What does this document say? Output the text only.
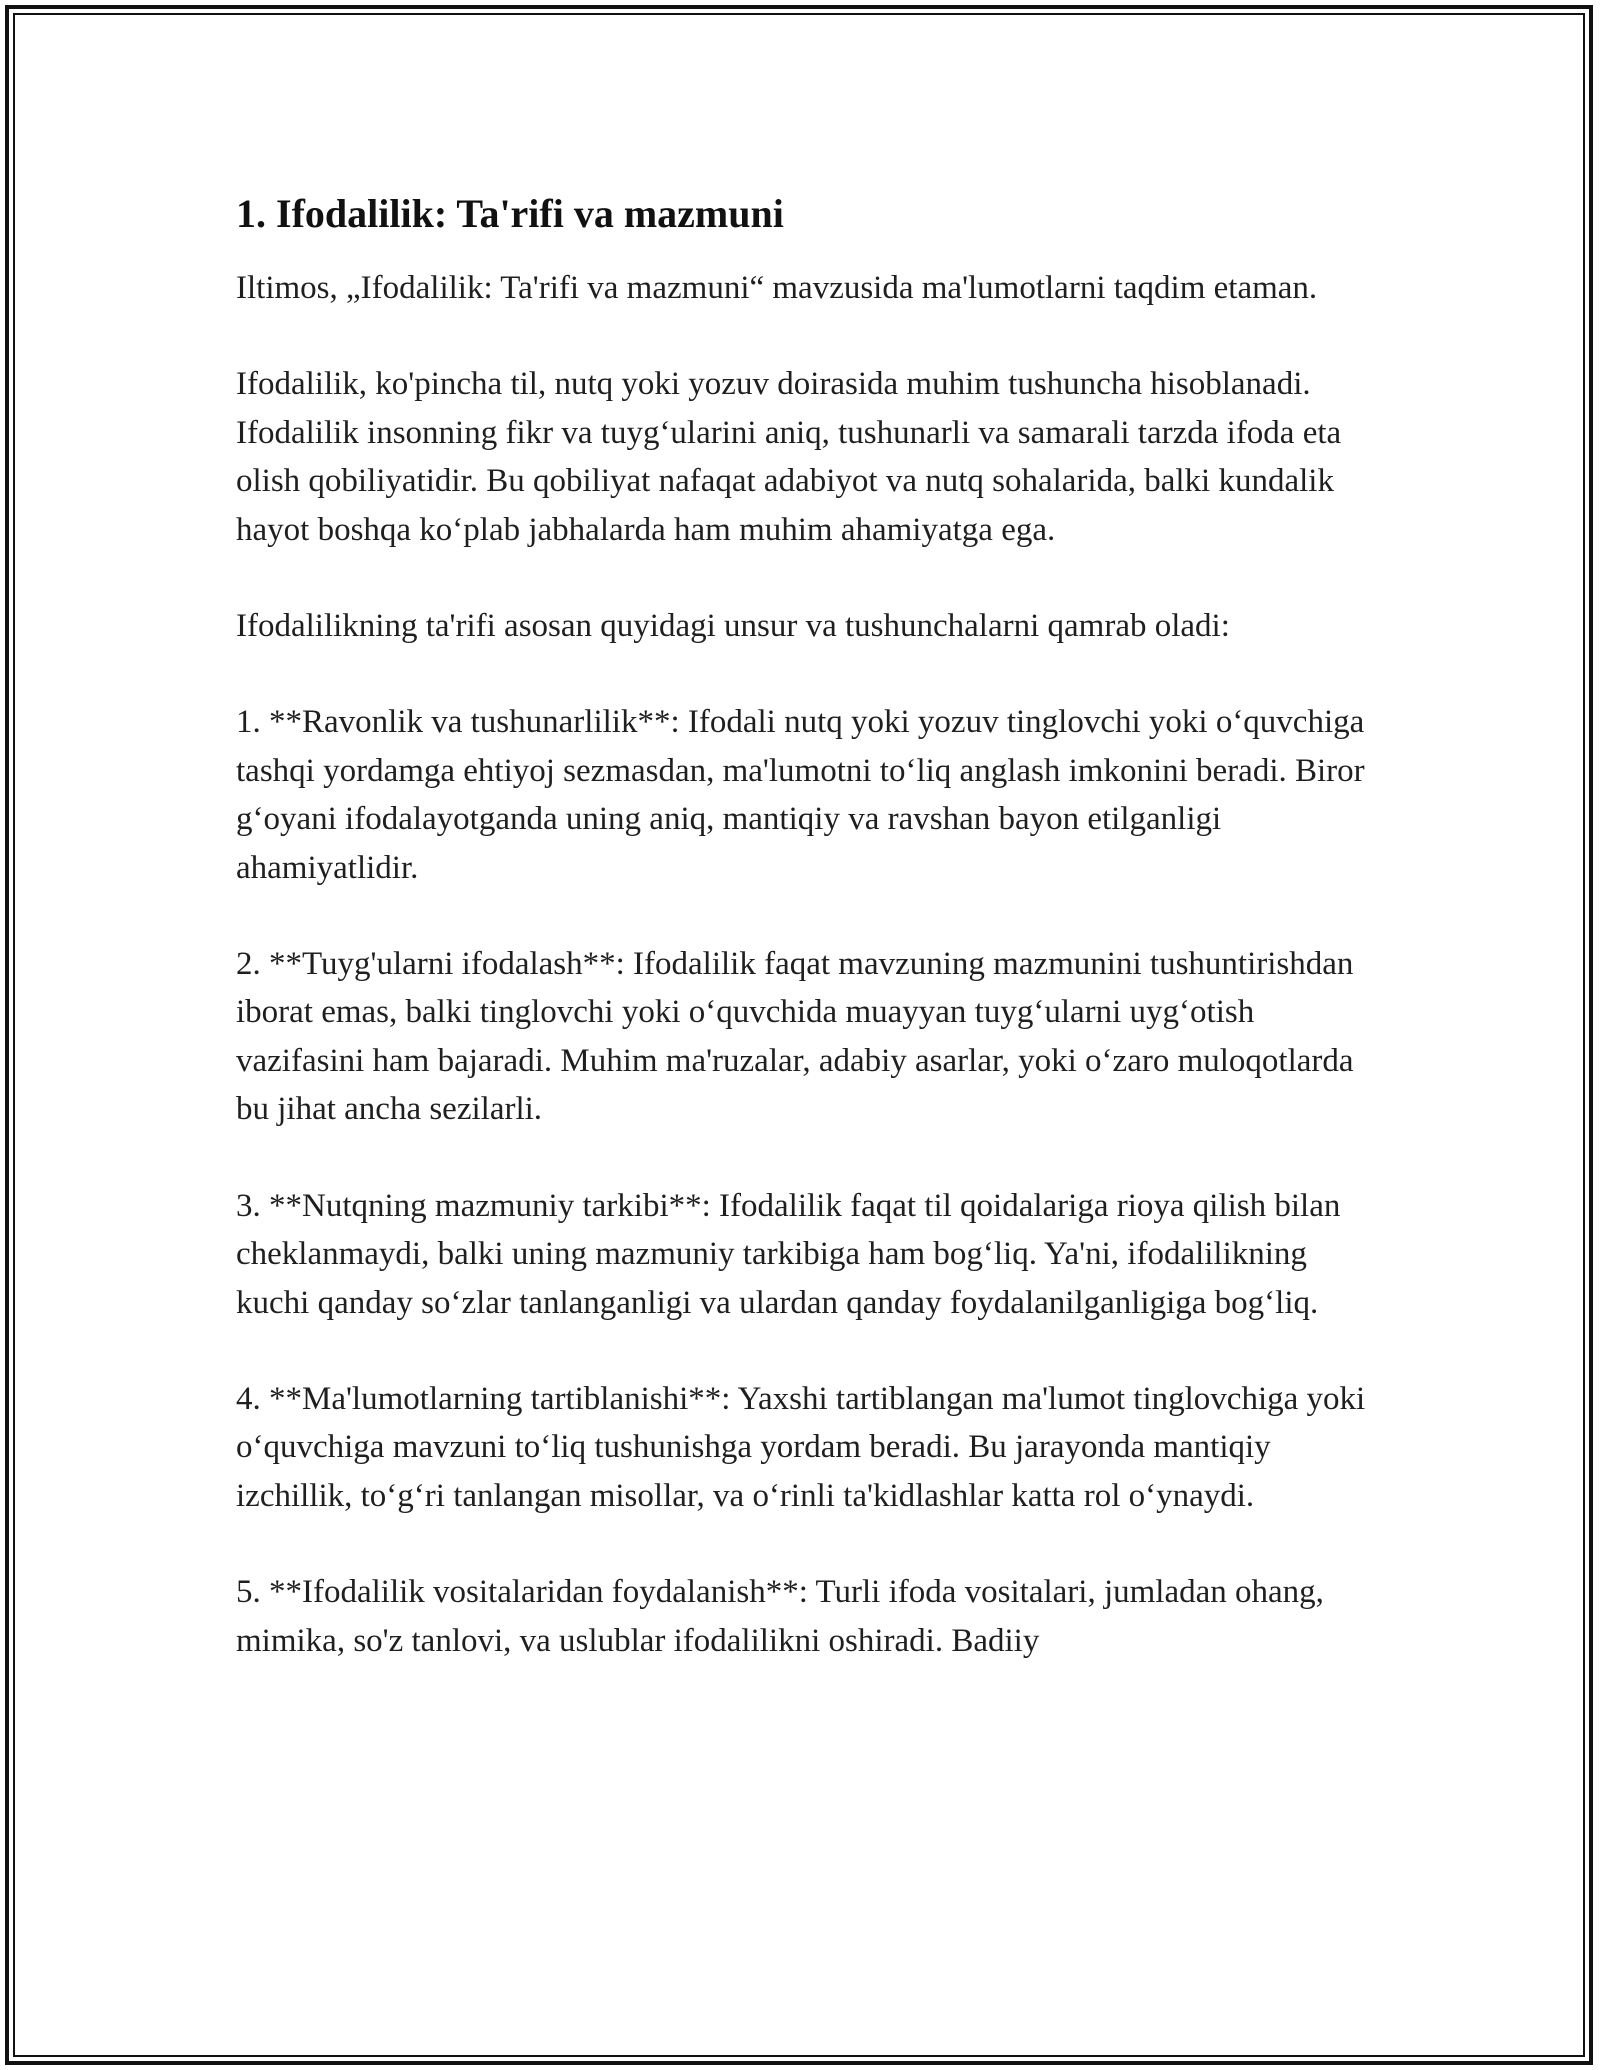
1. Ifodalilik: Ta'rifi va mazmuni

Iltimos, „Ifodalilik: Ta'rifi va mazmuni“ mavzusida ma'lumotlarni taqdim etaman.

Ifodalilik, ko'pincha til, nutq yoki yozuv doirasida muhim tushuncha hisoblanadi. Ifodalilik insonning fikr va tuygʻularini aniq, tushunarli va samarali tarzda ifoda eta olish qobiliyatidir. Bu qobiliyat nafaqat adabiyot va nutq sohalarida, balki kundalik hayot boshqa koʻplab jabhalarda ham muhim ahamiyatga ega.

Ifodalilikning ta'rifi asosan quyidagi unsur va tushunchalarni qamrab oladi:

1. **Ravonlik va tushunarlilik**: Ifodali nutq yoki yozuv tinglovchi yoki oʻquvchiga tashqi yordamga ehtiyoj sezmasdan, ma'lumotni toʻliq anglash imkonini beradi. Biror gʻoyani ifodalayotganda uning aniq, mantiqiy va ravshan bayon etilganligi ahamiyatlidir.

2. **Tuyg'ularni ifodalash**: Ifodalilik faqat mavzuning mazmunini tushuntirishdan iborat emas, balki tinglovchi yoki oʻquvchida muayyan tuygʻularni uygʻotish vazifasini ham bajaradi. Muhim ma'ruzalar, adabiy asarlar, yoki oʻzaro muloqotlarda bu jihat ancha sezilarli.

3. **Nutqning mazmuniy tarkibi**: Ifodalilik faqat til qoidalariga rioya qilish bilan cheklanmaydi, balki uning mazmuniy tarkibiga ham bogʻliq. Ya'ni, ifodalilikning kuchi qanday soʻzlar tanlanganligi va ulardan qanday foydalanilganligiga bogʻliq.

4. **Ma'lumotlarning tartiblanishi**: Yaxshi tartiblangan ma'lumot tinglovchiga yoki oʻquvchiga mavzuni toʻliq tushunishga yordam beradi. Bu jarayonda mantiqiy izchillik, toʻgʻri tanlangan misollar, va oʻrinli ta'kidlashlar katta rol oʻynaydi.

5. **Ifodalilik vositalaridan foydalanish**: Turli ifoda vositalari, jumladan ohang, mimika, so'z tanlovi, va uslublar ifodalilikni oshiradi. Badiiy
